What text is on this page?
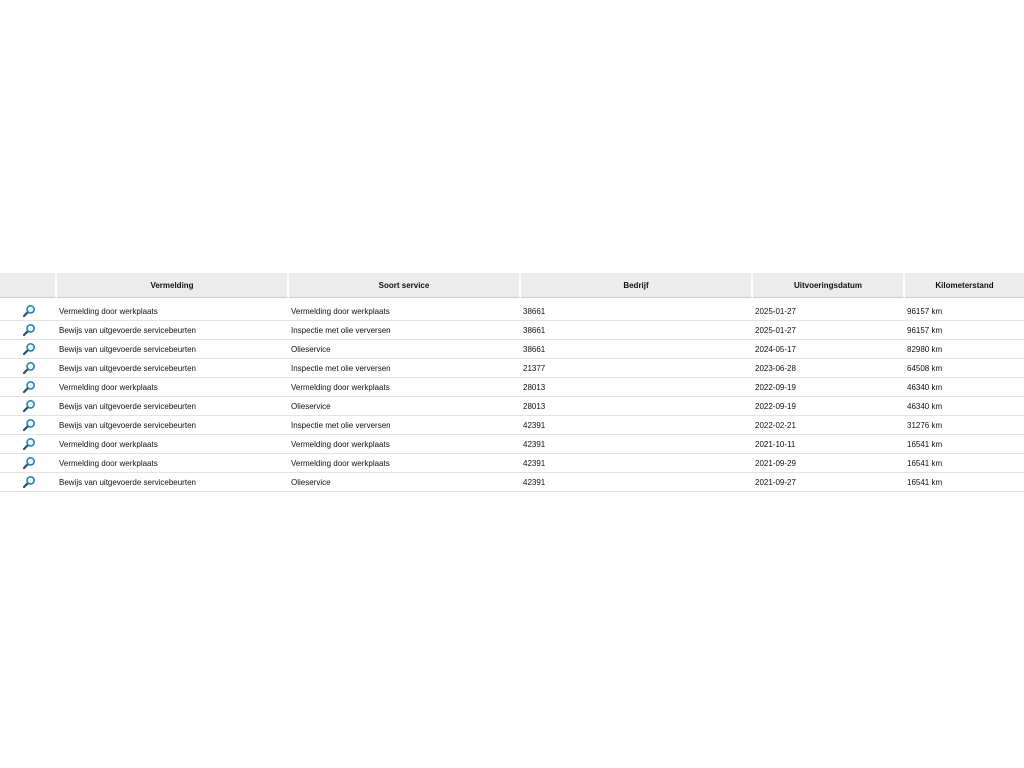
	Vermelding	Soort service	Bedrijf	Uitvoeringsdatum	Kilometerstand

	Vermelding door werkplaats	Vermelding door werkplaats	38661	2025-01-27	96157 km
	Bewijs van uitgevoerde servicebeurten	Inspectie met olie verversen	38661	2025-01-27	96157 km
	Bewijs van uitgevoerde servicebeurten	Olieservice	38661	2024-05-17	82980 km
	Bewijs van uitgevoerde servicebeurten	Inspectie met olie verversen	21377	2023-06-28	64508 km
	Vermelding door werkplaats	Vermelding door werkplaats	28013	2022-09-19	46340 km
	Bewijs van uitgevoerde servicebeurten	Olieservice	28013	2022-09-19	46340 km
	Bewijs van uitgevoerde servicebeurten	Inspectie met olie verversen	42391	2022-02-21	31276 km
	Vermelding door werkplaats	Vermelding door werkplaats	42391	2021-10-11	16541 km
	Vermelding door werkplaats	Vermelding door werkplaats	42391	2021-09-29	16541 km
	Bewijs van uitgevoerde servicebeurten	Olieservice	42391	2021-09-27	16541 km
